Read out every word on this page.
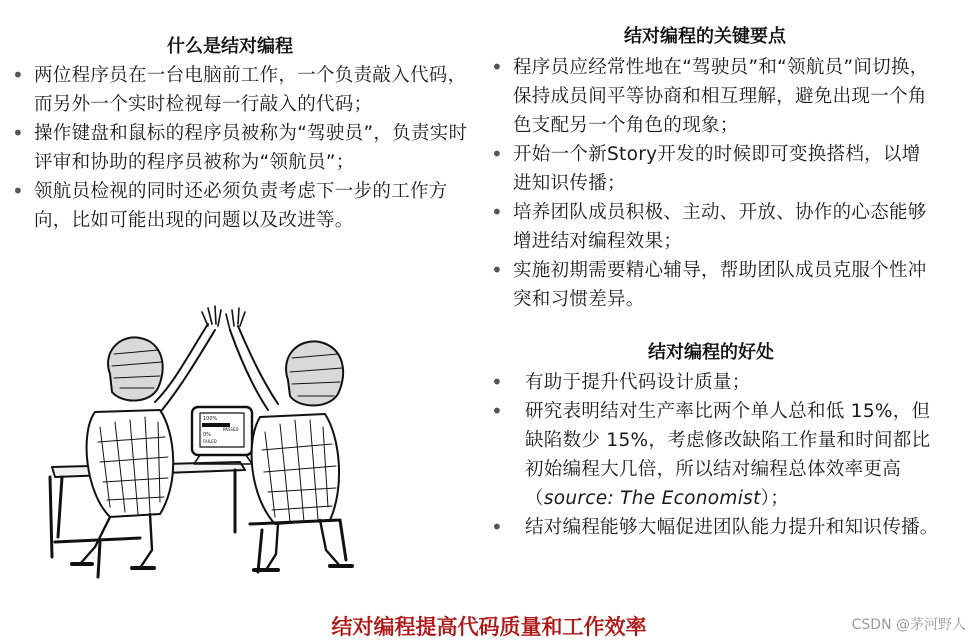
什么是结对编程
• 两位程序员在一台电脑前工作，一个负责敲入代码，而另外一个实时检视每一行敲入的代码；
• 操作键盘和鼠标的程序员被称为“驾驶员”，负责实时评审和协助的程序员被称为“领航员”；
• 领航员检视的同时还必须负责考虑下一步的工作方向，比如可能出现的问题以及改进等。
结对编程的关键要点
• 程序员应经常性地在“驾驶员”和“领航员”间切换，保持成员间平等协商和相互理解，避免出现一个角色支配另一个角色的现象；
• 开始一个新Story开发的时候即可变换搭档，以增进知识传播；
• 培养团队成员积极、主动、开放、协作的心态能够增进结对编程效果；
• 实施初期需要精心辅导，帮助团队成员克服个性冲突和习惯差异。
结对编程的好处
• 有助于提升代码设计质量；
• 研究表明结对生产率比两个单人总和低 15%，但缺陷数少 15%，考虑修改缺陷工作量和时间都比初始编程大几倍，所以结对编程总体效率更高（source: The Economist）；
• 结对编程能够大幅促进团队能力提升和知识传播。
100%
PASSED
0%
FAILED

结对编程提高代码质量和工作效率	CSDN @茅河野人
